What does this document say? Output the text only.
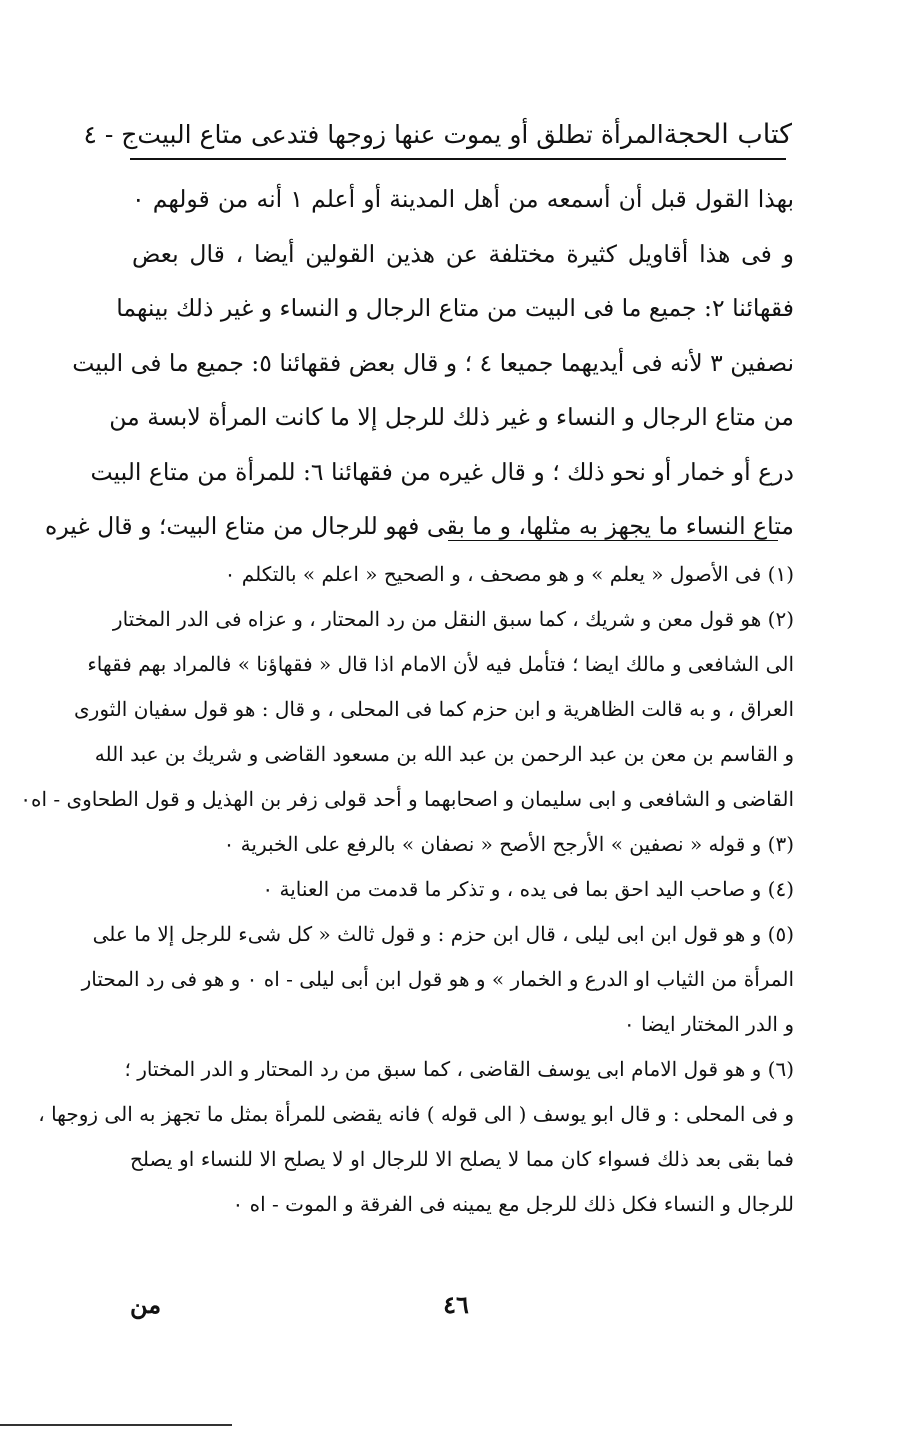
كتاب الحجة
المرأة تطلق أو يموت عنها زوجها فتدعى متاع البيت
ج - ٤
بهذا القول قبل أن أسمعه من أهل المدينة أو أعلم ١ أنه من قولهم ٠
و فى هذا أقاويل كثيرة مختلفة عن هذين القولين أيضا ، قال بعض
فقهائنا ٢: جميع ما فى البيت من متاع الرجال و النساء و غير ذلك بينهما
نصفين ٣ لأنه فى أيديهما جميعا ٤ ؛ و قال بعض فقهائنا ٥: جميع ما فى البيت
من متاع الرجال و النساء و غير ذلك للرجل إلا ما كانت المرأة لابسة من
درع أو خمار أو نحو ذلك ؛ و قال غيره من فقهائنا ٦: للمرأة من متاع البيت
متاع النساء ما يجهز به مثلها، و ما بقى فهو للرجال من متاع البيت؛ و قال غيره
(١) فى الأصول « يعلم » و هو مصحف ، و الصحيح « اعلم » بالتكلم ٠
(٢) هو قول معن و شريك ، كما سبق النقل من رد المحتار ، و عزاه فى الدر المختار
الى الشافعى و مالك ايضا ؛ فتأمل فيه لأن الامام اذا قال « فقهاؤنا » فالمراد بهم فقهاء
العراق ، و به قالت الظاهرية و ابن حزم كما فى المحلى ، و قال : هو قول سفيان الثورى
و القاسم بن معن بن عبد الرحمن بن عبد الله بن مسعود القاضى و شريك بن عبد الله
القاضى و الشافعى و ابى سليمان و اصحابهما و أحد قولى زفر بن الهذيل و قول الطحاوى - اه٠
(٣) و قوله « نصفين » الأرجح الأصح « نصفان » بالرفع على الخبرية ٠
(٤) و صاحب اليد احق بما فى يده ، و تذكر ما قدمت من العناية ٠
(٥) و هو قول ابن ابى ليلى ، قال ابن حزم : و قول ثالث « كل شىء للرجل إلا ما على
المرأة من الثياب او الدرع و الخمار » و هو قول ابن أبى ليلى - اه ٠ و هو فى رد المحتار
و الدر المختار ايضا ٠
(٦) و هو قول الامام ابى يوسف القاضى ، كما سبق من رد المحتار و الدر المختار ؛
و فى المحلى : و قال ابو يوسف ( الى قوله ) فانه يقضى للمرأة بمثل ما تجهز به الى زوجها ،
فما بقى بعد ذلك فسواء كان مما لا يصلح الا للرجال او لا يصلح الا للنساء او يصلح
للرجال و النساء فكل ذلك للرجل مع يمينه فى الفرقة و الموت - اه ٠
٤٦
من
